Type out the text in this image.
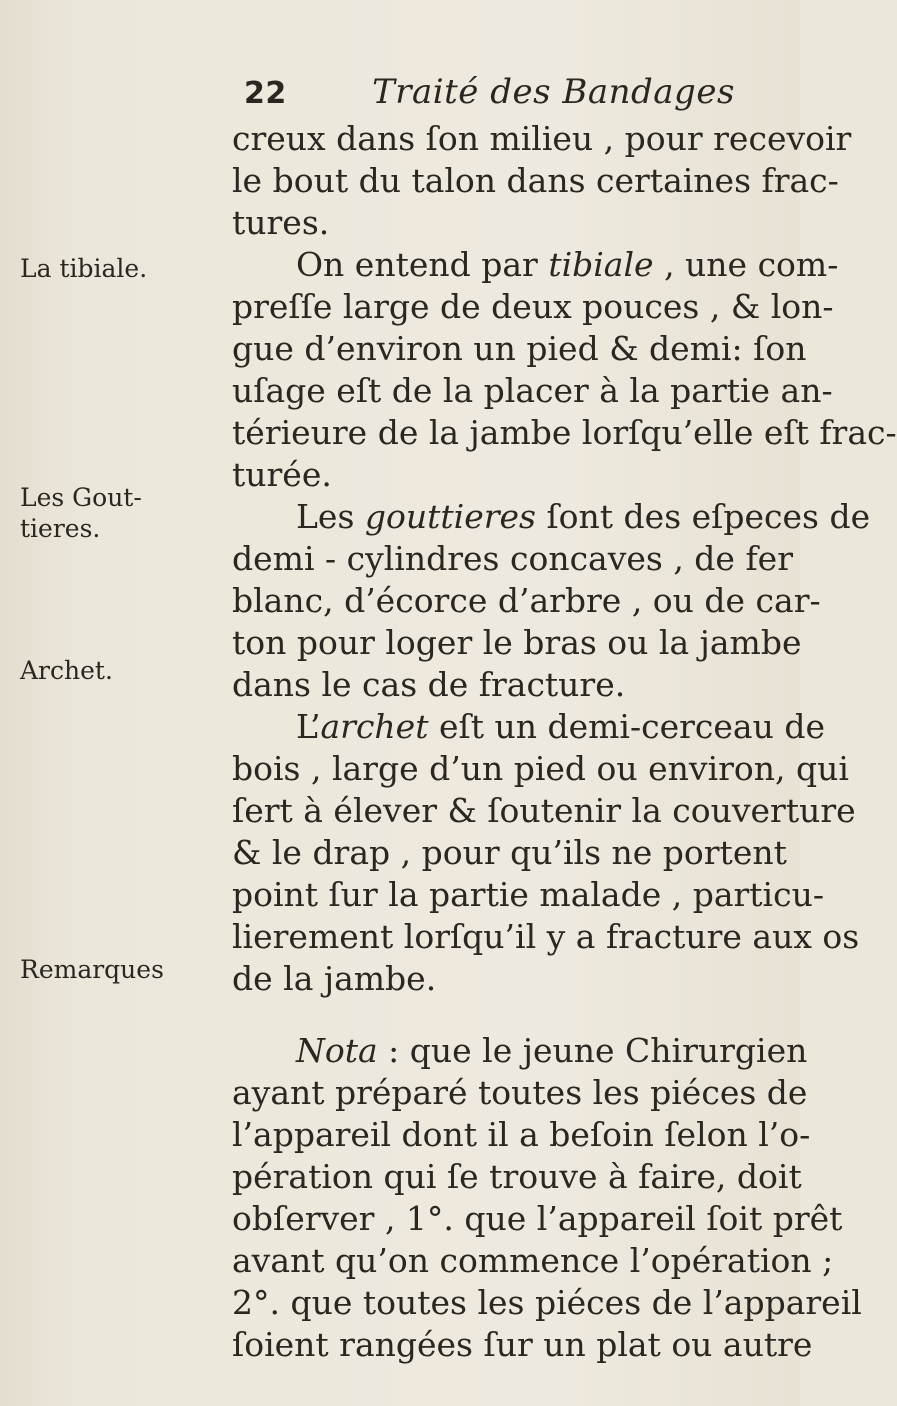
22	Traité des Bandages
La tibiale.
Les Gout-
tieres.
Archet.
Remarques
creux dans ſon milieu , pour recevoir
le bout du talon dans certaines frac-
tures.
On entend par tibiale , une com-
preſſe large de deux pouces , & lon-
gue d’environ un pied & demi: ſon
uſage eſt de la placer à la partie an-
térieure de la jambe lorſqu’elle eſt frac-
turée.
Les gouttieres ſont des eſpeces de
demi - cylindres concaves , de fer
blanc, d’écorce d’arbre , ou de car-
ton pour loger le bras ou la jambe
dans le cas de fracture.
L’archet eſt un demi-cerceau de
bois , large d’un pied ou environ, qui
ſert à élever & ſoutenir la couverture
& le drap , pour qu’ils ne portent
point ſur la partie malade , particu-
lierement lorſqu’il y a fracture aux os
de la jambe.
Nota : que le jeune Chirurgien
ayant préparé toutes les piéces de
l’appareil dont il a beſoin ſelon l’o-
pération qui ſe trouve à faire, doit
obſerver , 1°. que l’appareil ſoit prêt
avant qu’on commence l’opération ;
2°. que toutes les piéces de l’appareil
ſoient rangées ſur un plat ou autre
